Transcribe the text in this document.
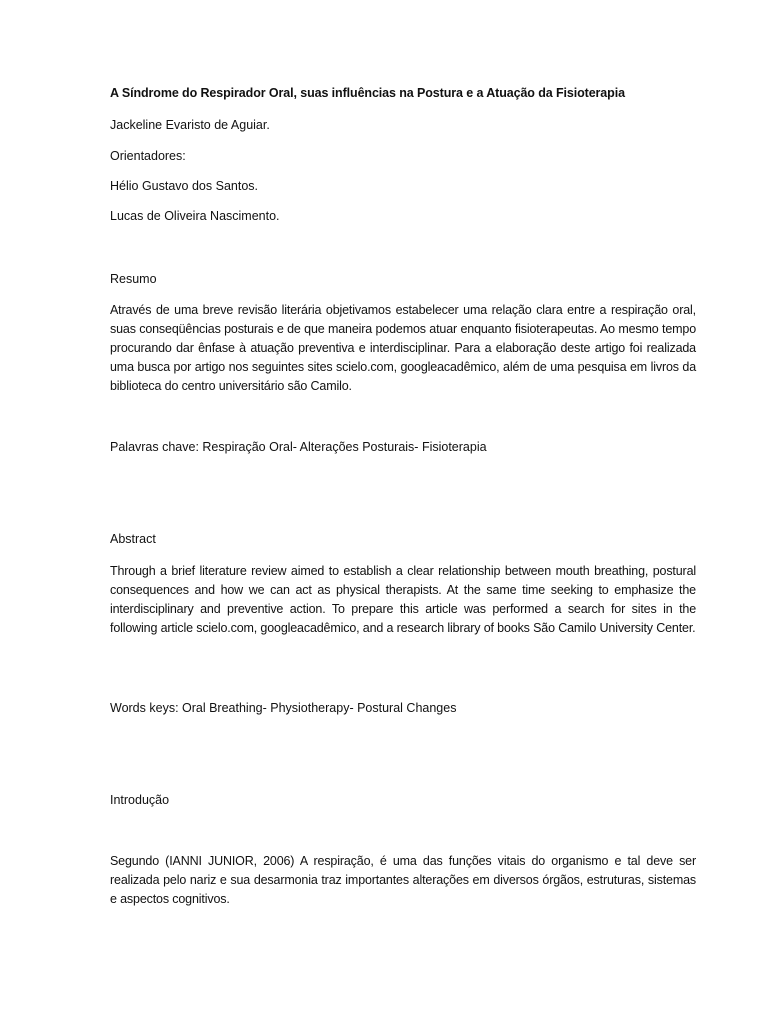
A Síndrome do Respirador Oral, suas influências na Postura e a Atuação da Fisioterapia

Jackeline Evaristo de Aguiar.

Orientadores:

Hélio Gustavo dos Santos.

Lucas de Oliveira Nascimento.

Resumo

Através de uma breve revisão literária objetivamos estabelecer uma relação clara entre a respiração oral, suas conseqüências posturais e de que maneira podemos atuar enquanto fisioterapeutas. Ao mesmo tempo procurando dar ênfase à atuação preventiva e interdisciplinar. Para a elaboração deste artigo foi realizada uma busca por artigo nos seguintes sites scielo.com, googleacadêmico, além de uma pesquisa em livros da biblioteca do centro universitário são Camilo.

Palavras chave: Respiração Oral- Alterações Posturais- Fisioterapia

Abstract

Through a brief literature review aimed to establish a clear relationship between mouth breathing, postural consequences and how we can act as physical therapists. At the same time seeking to emphasize the interdisciplinary and preventive action. To prepare this article was performed a search for sites in the following article scielo.com, googleacadêmico, and a research library of books São Camilo University Center.

Words keys: Oral Breathing- Physiotherapy- Postural Changes

Introdução

Segundo (IANNI JUNIOR, 2006) A respiração, é uma das funções vitais do organismo e tal deve ser realizada pelo nariz e sua desarmonia traz importantes alterações em diversos órgãos, estruturas, sistemas e aspectos cognitivos.
